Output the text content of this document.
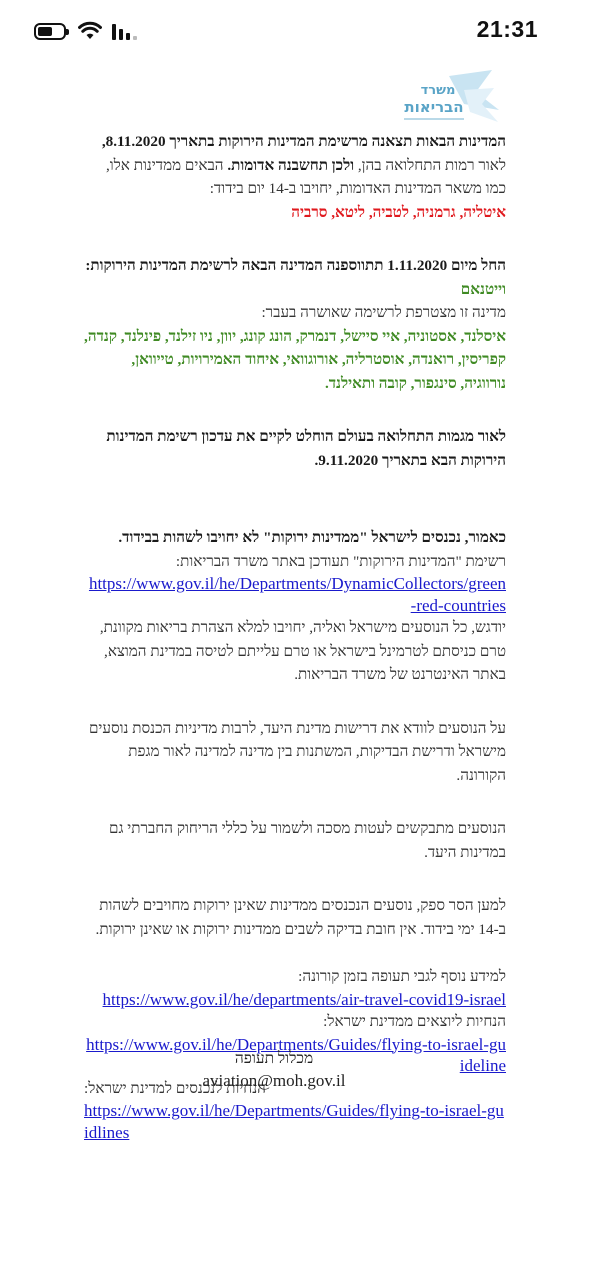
21:31
משרד
הבריאות

המדינות הבאות תצאנה מרשימת המדינות הירוקות בתאריך 8.11.2020, לאור רמות התחלואה בהן, ולכן תחשבנה אדומות. הבאים ממדינות אלו, כמו משאר המדינות האדומות, יחויבו ב-14 יום בידוד:

איטליה, גרמניה, לטביה, ליטא, סרביה

החל מיום 1.11.2020 תתווספנה המדינה הבאה לרשימת המדינות הירוקות:

וייטנאם

מדינה זו מצטרפת לרשימה שאושרה בעבר:

איסלנד, אסטוניה, איי סיישל, דנמרק, הונג קונג, יוון, ניו זילנד, פינלנד, קנדה, קפריסין, רואנדה, אוסטרליה, אורוגוואי, איחוד האמירויות, טייוואן, נורווגיה, סינגפור, קובה ותאילנד.

לאור מגמות התחלואה בעולם הוחלט לקיים את עדכון רשימת המדינות הירוקות הבא בתאריך 9.11.2020.

כאמור, נכנסים לישראל "ממדינות ירוקות" לא יחויבו לשהות בבידוד.

רשימת "המדינות הירוקות" תעודכן באתר משרד הבריאות:

https://www.gov.il/he/Departments/DynamicCollectors/green-red-countries

יודגש, כל הנוסעים מישראל ואליה, יחויבו למלא הצהרת בריאות מקוונת, טרם כניסתם לטרמינל בישראל או טרם עלייתם לטיסה במדינת המוצא, באתר האינטרנט של משרד הבריאות.

על הנוסעים לוודא את דרישות מדינת היעד, לרבות מדיניות הכנסת נוסעים מישראל ודרישת הבדיקות, המשתנות בין מדינה למדינה לאור מגפת הקורונה.

הנוסעים מתבקשים לעטות מסכה ולשמור על כללי הריחוק החברתי גם במדינות היעד.

למען הסר ספק, נוסעים הנכנסים ממדינות שאינן ירוקות מחויבים לשהות ב-14 ימי בידוד. אין חובת בדיקה לשבים ממדינות ירוקות או שאינן ירוקות.

למידע נוסף לגבי תעופה בזמן קורונה:

https://www.gov.il/he/departments/air-travel-covid19-israel

הנחיות ליוצאים ממדינת ישראל:

https://www.gov.il/he/Departments/Guides/flying-to-israel-guideline

הנחיות לנכנסים למדינת ישראל:

https://www.gov.il/he/Departments/Guides/flying-to-israel-guidlines
מכלול תעופה
aviation@moh.gov.il
